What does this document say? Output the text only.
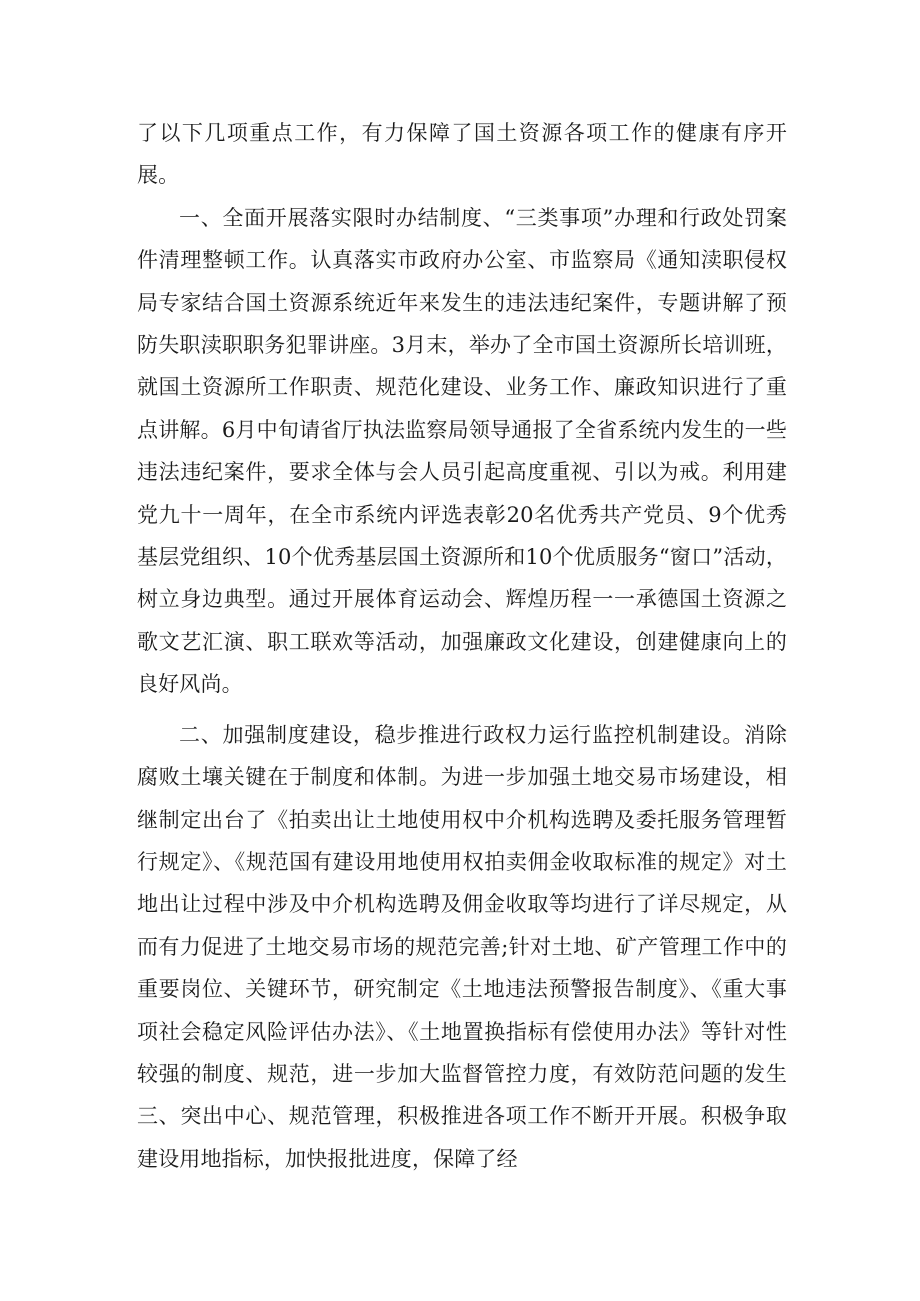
了以下几项重点工作，有力保障了国土资源各项工作的健康有序开展。

一、全面开展落实限时办结制度、“三类事项”办理和行政处罚案件清理整顿工作。认真落实市政府办公室、市监察局《通知渎职侵权局专家结合国土资源系统近年来发生的违法违纪案件，专题讲解了预防失职渎职职务犯罪讲座。3月末，举办了全市国土资源所长培训班，就国土资源所工作职责、规范化建设、业务工作、廉政知识进行了重点讲解。6月中旬请省厅执法监察局领导通报了全省系统内发生的一些违法违纪案件，要求全体与会人员引起高度重视、引以为戒。利用建党九十一周年，在全市系统内评选表彰20名优秀共产党员、9个优秀基层党组织、10个优秀基层国土资源所和10个优质服务“窗口”活动，树立身边典型。通过开展体育运动会、辉煌历程一一承德国土资源之歌文艺汇演、职工联欢等活动，加强廉政文化建设，创建健康向上的良好风尚。

二、加强制度建设，稳步推进行政权力运行监控机制建设。消除腐败土壤关键在于制度和体制。为进一步加强土地交易市场建设，相继制定出台了《拍卖出让土地使用权中介机构选聘及委托服务管理暂行规定》、《规范国有建设用地使用权拍卖佣金收取标准的规定》对土地出让过程中涉及中介机构选聘及佣金收取等均进行了详尽规定，从而有力促进了土地交易市场的规范完善;针对土地、矿产管理工作中的重要岗位、关键环节，研究制定《土地违法预警报告制度》、《重大事项社会稳定风险评估办法》、《土地置换指标有偿使用办法》等针对性较强的制度、规范，进一步加大监督管控力度，有效防范问题的发生三、突出中心、规范管理，积极推进各项工作不断开开展。积极争取建设用地指标，加快报批进度，保障了经
